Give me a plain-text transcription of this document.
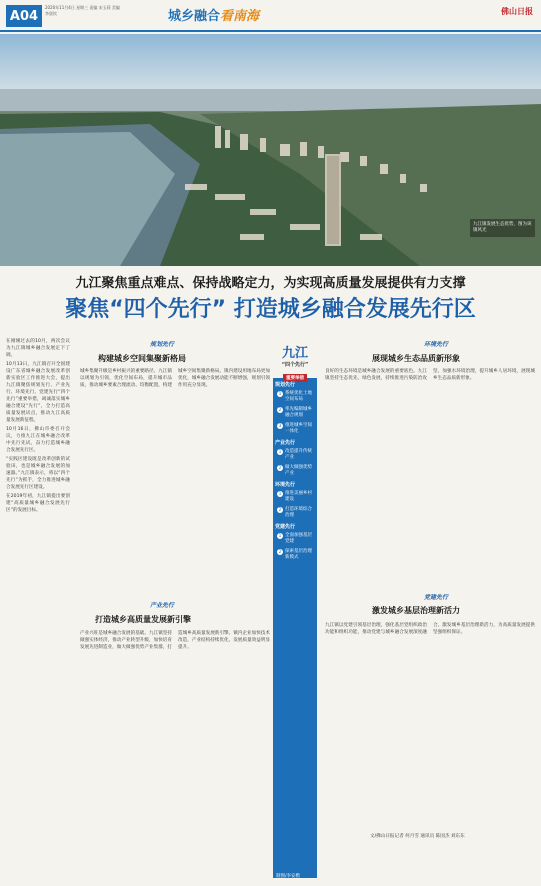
A04
2020年11月4日 星期三 责编 宋玉莉 美编 李贤钦	城乡融合看南海	佛山日报
九江镇发展生态优势，图为该镇风光
九江聚焦重点难点、保持战略定力，为实现高质量发展提供有力支撑
聚焦“四个先行” 打造城乡融合发展先行区

在刚刚过去的10月，两次会议为九江镇城乡融合发展定下了调。

10月13日，九江镇召开全国建设广东省城乡融合发展改革创新实验区工作推进大会，提出九江镇聚焦规划先行、产业先行、环境先行、党建先行“四个先行”重要举措，竭诚落实城乡融合建设“先行”，全力打造高质量发展试点，推动九江高质量发展新征程。

10月16日，佛山市委召开会议，力推九江在城乡融合改革中先行先试，奋力打造城乡融合发展先行区。

“实践区建设既是改革创新的试验田，也是城乡融合发展的加速器。”九江镇表示，将以“四个先行”为抓手，全力推进城乡融合发展先行区建设。

在2019年初，九江镇提出要创建“高质量城乡融合发展先行区”的发展目标。

规划先行
构建城乡空间集聚新格局

城乡集聚升级是乡村振兴的重要路径。九江镇以规划为引领，优化空间布局，提升城市品质，推动城乡要素合理流动、均衡配置，构建城乡空间集聚新格局。镇内建设用地布局更加优化，城乡融合发展动能不断增强，规划引领作用充分显现。

产业先行
打造城乡高质量发展新引擎

产业兴旺是城乡融合发展的基础。九江镇坚持做强实体经济，推动产业转型升级，加快培育发展先进制造业，做大做强优势产业集群，打造城乡高质量发展新引擎。镇内企业加快技术改造，产业结构持续优化，发展质量效益明显提升。

九江
“四个先行”
重要举措
规划先行
1 系统优化土地空间布局
2 率先编制城乡融合规划
3 推进城乡空间一体化
产业先行
1 改造提升传统产业
2 做大做强优势产业
环境先行
1 推进美丽乡村建设
2 打造环境综合治理
党建先行
1 全面加强基层党建
2 探索基层治理新模式
制图/李安楷
环境先行
展现城乡生态品质新形象

良好的生态环境是城乡融合发展的重要底色。九江镇坚持生态优先、绿色发展，持续推进污染防治攻坚，加强水环境治理，提升城乡人居环境，展现城乡生态品质新形象。

党建先行
激发城乡基层治理新活力

九江镇以党建引领基层治理，强化基层党组织政治功能和组织功能，推动党建与城乡融合发展深度融合，激发城乡基层治理新活力，为高质量发展提供坚强组织保证。

文/佛山日报记者 何月雪 通讯员 陈国杰 刘东东
